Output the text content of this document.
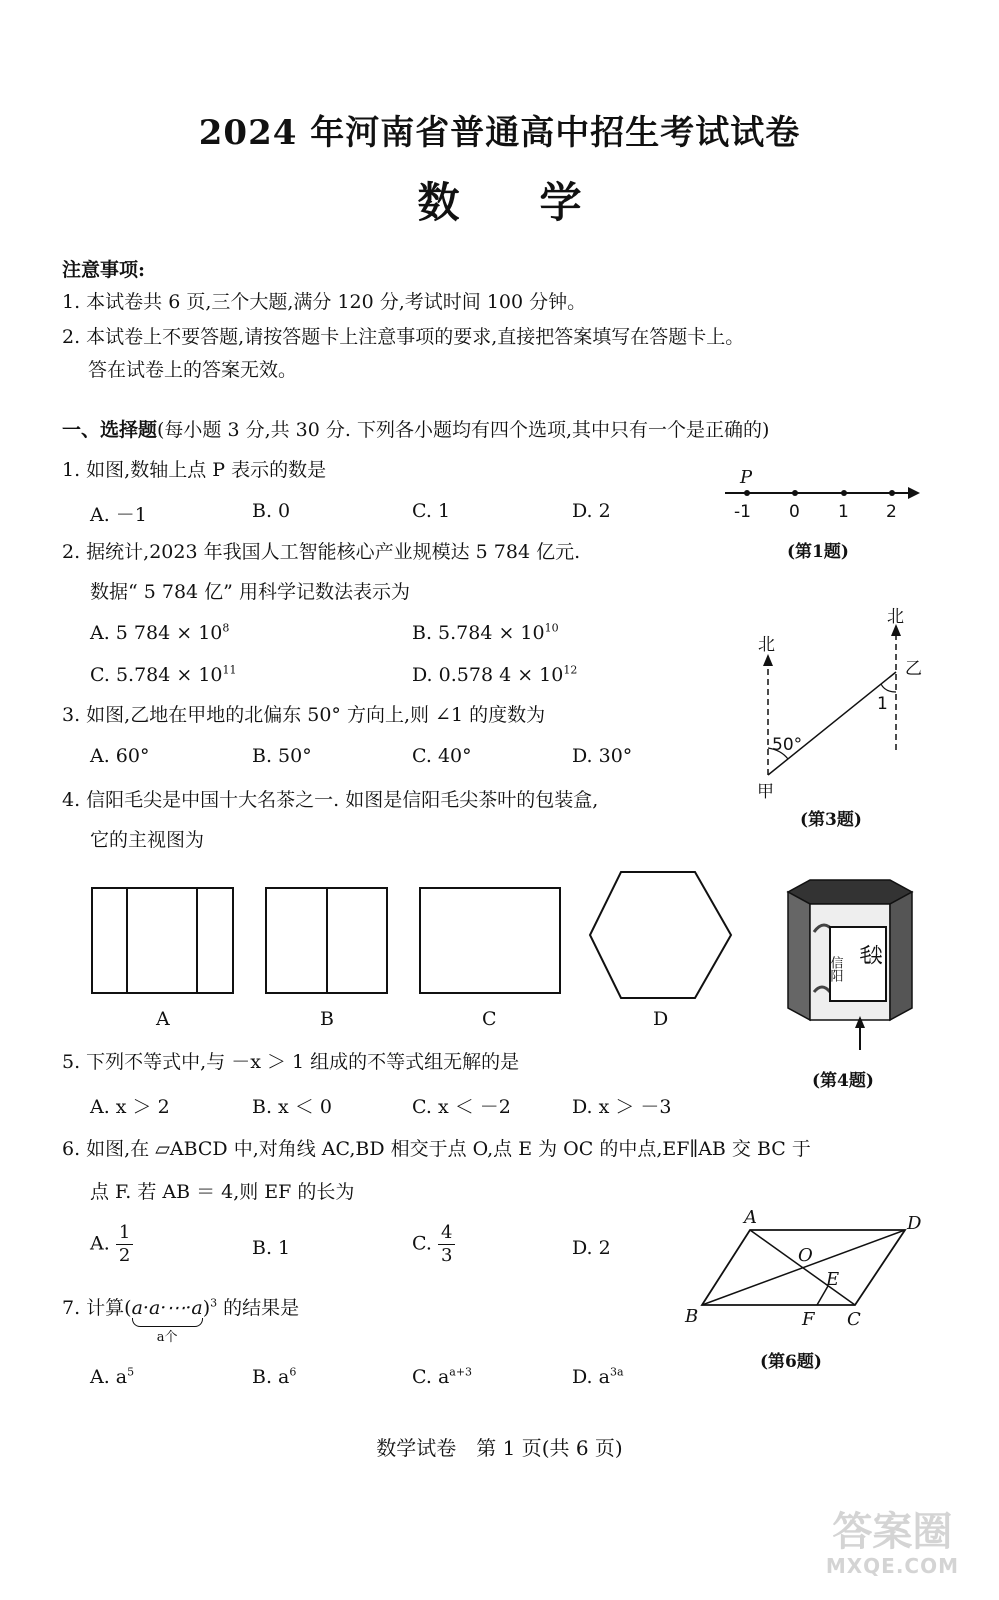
2024 年河南省普通高中招生考试试卷
数 学
注意事项:
1. 本试卷共 6 页,三个大题,满分 120 分,考试时间 100 分钟。
2. 本试卷上不要答题,请按答题卡上注意事项的要求,直接把答案填写在答题卡上。
答在试卷上的答案无效。
一、选择题(每小题 3 分,共 30 分. 下列各小题均有四个选项,其中只有一个是正确的)
1. 如图,数轴上点 P 表示的数是
A. －1	B. 0	C. 1	D. 2
P
-1 0 1 2
(第1题)
2. 据统计,2023 年我国人工智能核心产业规模达 5 784 亿元.
数据“ 5 784 亿” 用科学记数法表示为
A. 5 $784 \times 10^8$	B. $5.784 \times 10^{10}$
C. $5.784 \times 10^{11}$	D. 0.578 $4 \times 10^{12}$
3. 如图,乙地在甲地的北偏东 50° 方向上,则 ∠1 的度数为
A. 60°	B. 50°	C. 40°	D. 30°
北
北
甲
乙
50°
1
(第3题)
4. 信阳毛尖是中国十大名茶之一. 如图是信阳毛尖茶叶的包装盒,
它的主视图为
A	B	C	D
毛尖
信阳
(第4题)
5. 下列不等式中,与 －x ＞ 1 组成的不等式组无解的是
A. x ＞ 2	B. x ＜ 0	C. x ＜ －2	D. x ＞ －3
6. 如图,在 ▱ABCD 中,对角线 AC,BD 相交于点 O,点 E 为 OC 的中点,EF∥AB 交 BC 于
点 F. 若 AB ＝ 4,则 EF 的长为
A. $\frac{1}{2}$	B. 1	C. $\frac{4}{3}$	D. 2
A	D
B	C
O
E
F
(第6题)
7. 计算(a·a·⋯·a
a个
)$^3$ 的结果是
A. $a^5$	B. $a^6$	C. $a^{a+3}$	D. $a^{3a}$
数学试卷　第 1 页(共 6 页)
答案圈
MXQE.COM
